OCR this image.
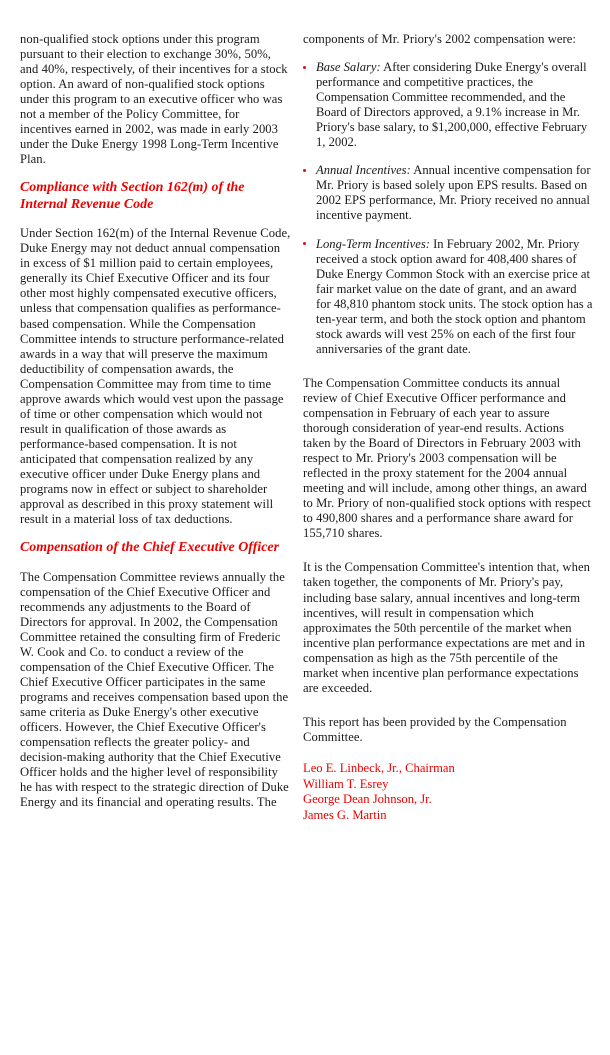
non-qualified stock options under this program pursuant to their election to exchange 30%, 50%, and 40%, respectively, of their incentives for a stock option. An award of non-qualified stock options under this program to an executive officer who was not a member of the Policy Committee, for incentives earned in 2002, was made in early 2003 under the Duke Energy 1998 Long-Term Incentive Plan.

Compliance with Section 162(m) of the Internal Revenue Code

Under Section 162(m) of the Internal Revenue Code, Duke Energy may not deduct annual compensation in excess of $1 million paid to certain employees, generally its Chief Executive Officer and its four other most highly compensated executive officers, unless that compensation qualifies as performance-based compensation. While the Compensation Committee intends to structure performance-related awards in a way that will preserve the maximum deductibility of compensation awards, the Compensation Committee may from time to time approve awards which would vest upon the passage of time or other compensation which would not result in qualification of those awards as performance-based compensation. It is not anticipated that compensation realized by any executive officer under Duke Energy plans and programs now in effect or subject to shareholder approval as described in this proxy statement will result in a material loss of tax deductions.

Compensation of the Chief Executive Officer

The Compensation Committee reviews annually the compensation of the Chief Executive Officer and recommends any adjustments to the Board of Directors for approval. In 2002, the Compensation Committee retained the consulting firm of Frederic W. Cook and Co. to conduct a review of the compensation of the Chief Executive Officer. The Chief Executive Officer participates in the same programs and receives compensation based upon the same criteria as Duke Energy's other executive officers. However, the Chief Executive Officer's compensation reflects the greater policy- and decision-making authority that the Chief Executive Officer holds and the higher level of responsibility he has with respect to the strategic direction of Duke Energy and its financial and operating results. The

components of Mr. Priory's 2002 compensation were:

Base Salary: After considering Duke Energy's overall performance and competitive practices, the Compensation Committee recommended, and the Board of Directors approved, a 9.1% increase in Mr. Priory's base salary, to $1,200,000, effective February 1, 2002.
Annual Incentives: Annual incentive compensation for Mr. Priory is based solely upon EPS results. Based on 2002 EPS performance, Mr. Priory received no annual incentive payment.
Long-Term Incentives: In February 2002, Mr. Priory received a stock option award for 408,400 shares of Duke Energy Common Stock with an exercise price at fair market value on the date of grant, and an award for 48,810 phantom stock units. The stock option has a ten-year term, and both the stock option and phantom stock awards will vest 25% on each of the first four anniversaries of the grant date.

The Compensation Committee conducts its annual review of Chief Executive Officer performance and compensation in February of each year to assure thorough consideration of year-end results. Actions taken by the Board of Directors in February 2003 with respect to Mr. Priory's 2003 compensation will be reflected in the proxy statement for the 2004 annual meeting and will include, among other things, an award to Mr. Priory of non-qualified stock options with respect to 490,800 shares and a performance share award for 155,710 shares.

It is the Compensation Committee's intention that, when taken together, the components of Mr. Priory's pay, including base salary, annual incentives and long-term incentives, will result in compensation which approximates the 50th percentile of the market when incentive plan performance expectations are met and in compensation as high as the 75th percentile of the market when incentive plan performance expectations are exceeded.

This report has been provided by the Compensation Committee.

Leo E. Linbeck, Jr., Chairman
William T. Esrey
George Dean Johnson, Jr.
James G. Martin
